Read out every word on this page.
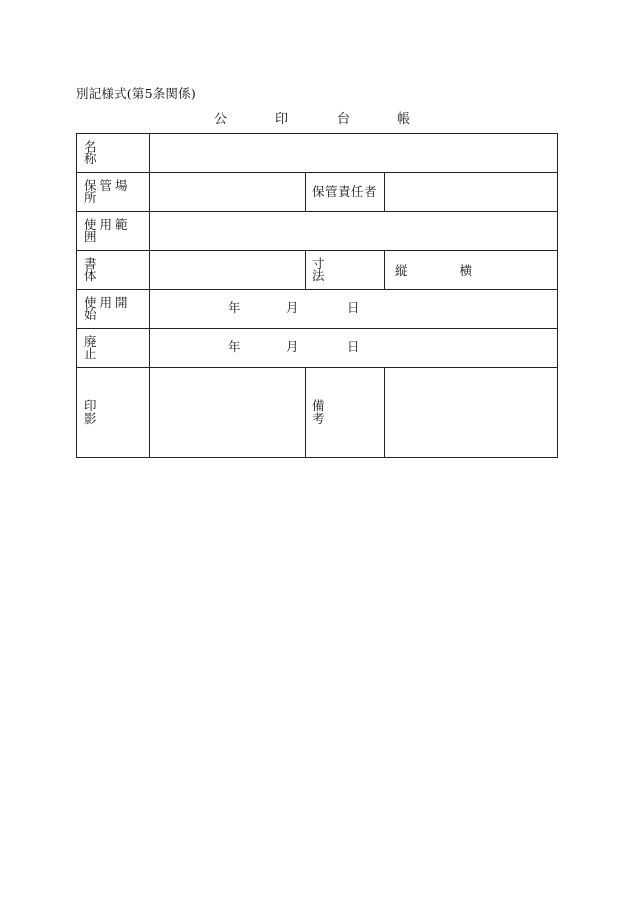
別記様式(第5条関係)
公	印	台	帳
名称			

保管場所		保管責任者	

使用範囲			

書体		寸法	縦 横

使用開始	年 月 日		

廃止	年 月 日		

印影		備考	
